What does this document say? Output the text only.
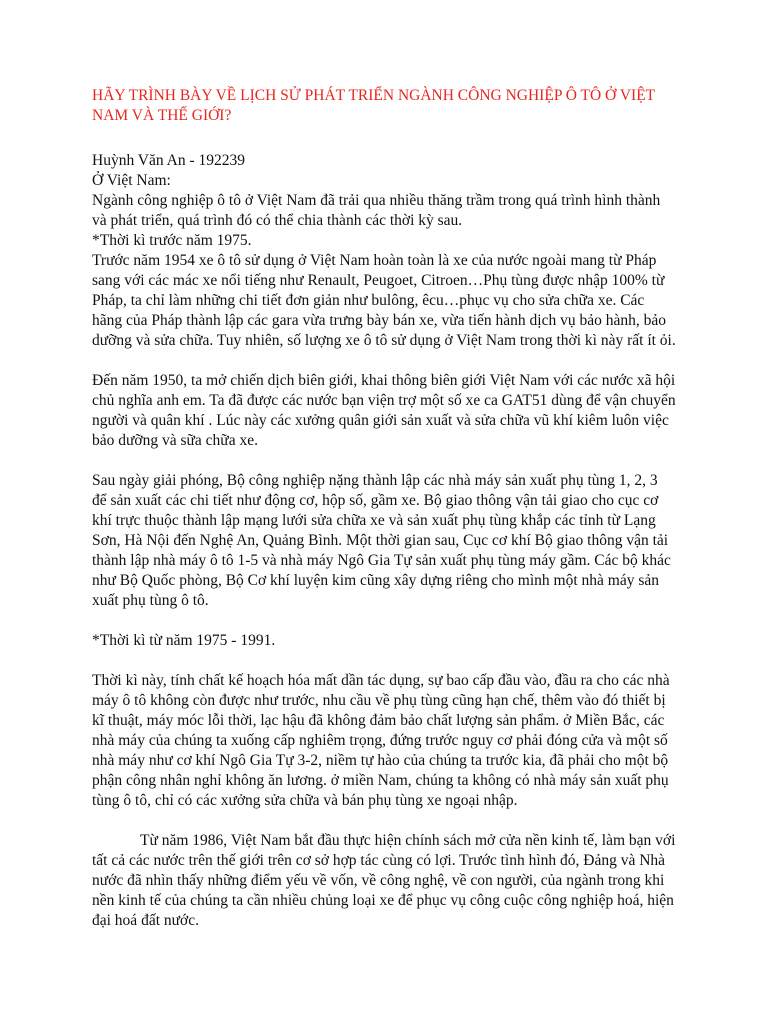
HÃY TRÌNH BÀY VỀ LỊCH SỬ PHÁT TRIỂN NGÀNH CÔNG NGHIỆP Ô TÔ Ở VIỆT NAM VÀ THẾ GIỚI?

Huỳnh Văn An - 192239

Ở Việt Nam:

Ngành công nghiệp ô tô ở Việt Nam đã trải qua nhiều thăng trầm trong quá trình hình thành và phát triển, quá trình đó có thể chia thành các thời kỳ sau.

*Thời kì trước năm 1975.

Trước năm 1954 xe ô tô sử dụng ở Việt Nam hoàn toàn là xe của nước ngoài mang từ Pháp sang với các mác xe nổi tiếng như Renault, Peugoet, Citroen…Phụ tùng được nhập 100% từ Pháp, ta chỉ làm những chi tiết đơn giản như bulông, êcu…phục vụ cho sửa chữa xe. Các hãng của Pháp thành lập các gara vừa trưng bày bán xe, vừa tiến hành dịch vụ bảo hành, bảo dưỡng và sửa chữa. Tuy nhiên, số lượng xe ô tô sử dụng ở Việt Nam trong thời kì này rất ít ỏi.

Đến năm 1950, ta mở chiến dịch biên giới, khai thông biên giới Việt Nam với các nước xã hội chủ nghĩa anh em. Ta đã được các nước bạn viện trợ một số xe ca GAT51 dùng để vận chuyển người và quân khí . Lúc này các xưởng quân giới sản xuất và sửa chữa vũ khí kiêm luôn việc bảo dưỡng và sữa chữa xe.

Sau ngày giải phóng, Bộ công nghiệp nặng thành lập các nhà máy sản xuất phụ tùng 1, 2, 3 để sản xuất các chi tiết như động cơ, hộp số, gầm xe. Bộ giao thông vận tải giao cho cục cơ khí trực thuộc thành lập mạng lưới sửa chữa xe và sản xuất phụ tùng khắp các tỉnh từ Lạng Sơn, Hà Nội đến Nghệ An, Quảng Bình. Một thời gian sau, Cục cơ khí Bộ giao thông vận tải thành lập nhà máy ô tô 1-5 và nhà máy Ngô Gia Tự sản xuất phụ tùng máy gầm. Các bộ khác như Bộ Quốc phòng, Bộ Cơ khí luyện kim cũng xây dựng riêng cho mình một nhà máy sản xuất phụ tùng ô tô.

*Thời kì từ năm 1975 - 1991.

Thời kì này, tính chất kế hoạch hóa mất dần tác dụng, sự bao cấp đầu vào, đầu ra cho các nhà máy ô tô không còn được như trước, nhu cầu về phụ tùng cũng hạn chế, thêm vào đó thiết bị kĩ thuật, máy móc lỗi thời, lạc hậu đã không đảm bảo chất lượng sản phẩm. ở Miền Bắc, các nhà máy của chúng ta xuống cấp nghiêm trọng, đứng trước nguy cơ phải đóng cửa và một số nhà máy như cơ khí Ngô Gia Tự 3-2, niềm tự hào của chúng ta trước kia, đã phải cho một bộ phận công nhân nghỉ không ăn lương. ở miền Nam, chúng ta không có nhà máy sản xuất phụ tùng ô tô, chỉ có các xưởng sửa chữa và bán phụ tùng xe ngoại nhập.

Từ năm 1986, Việt Nam bắt đầu thực hiện chính sách mở cửa nền kinh tế, làm bạn với tất cả các nước trên thế giới trên cơ sở hợp tác cùng có lợi. Trước tình hình đó, Đảng và Nhà nước đã nhìn thấy những điểm yếu về vốn, về công nghệ, về con người, của ngành trong khi nền kinh tế của chúng ta cần nhiều chủng loại xe để phục vụ công cuộc công nghiệp hoá, hiện đại hoá đất nước.
